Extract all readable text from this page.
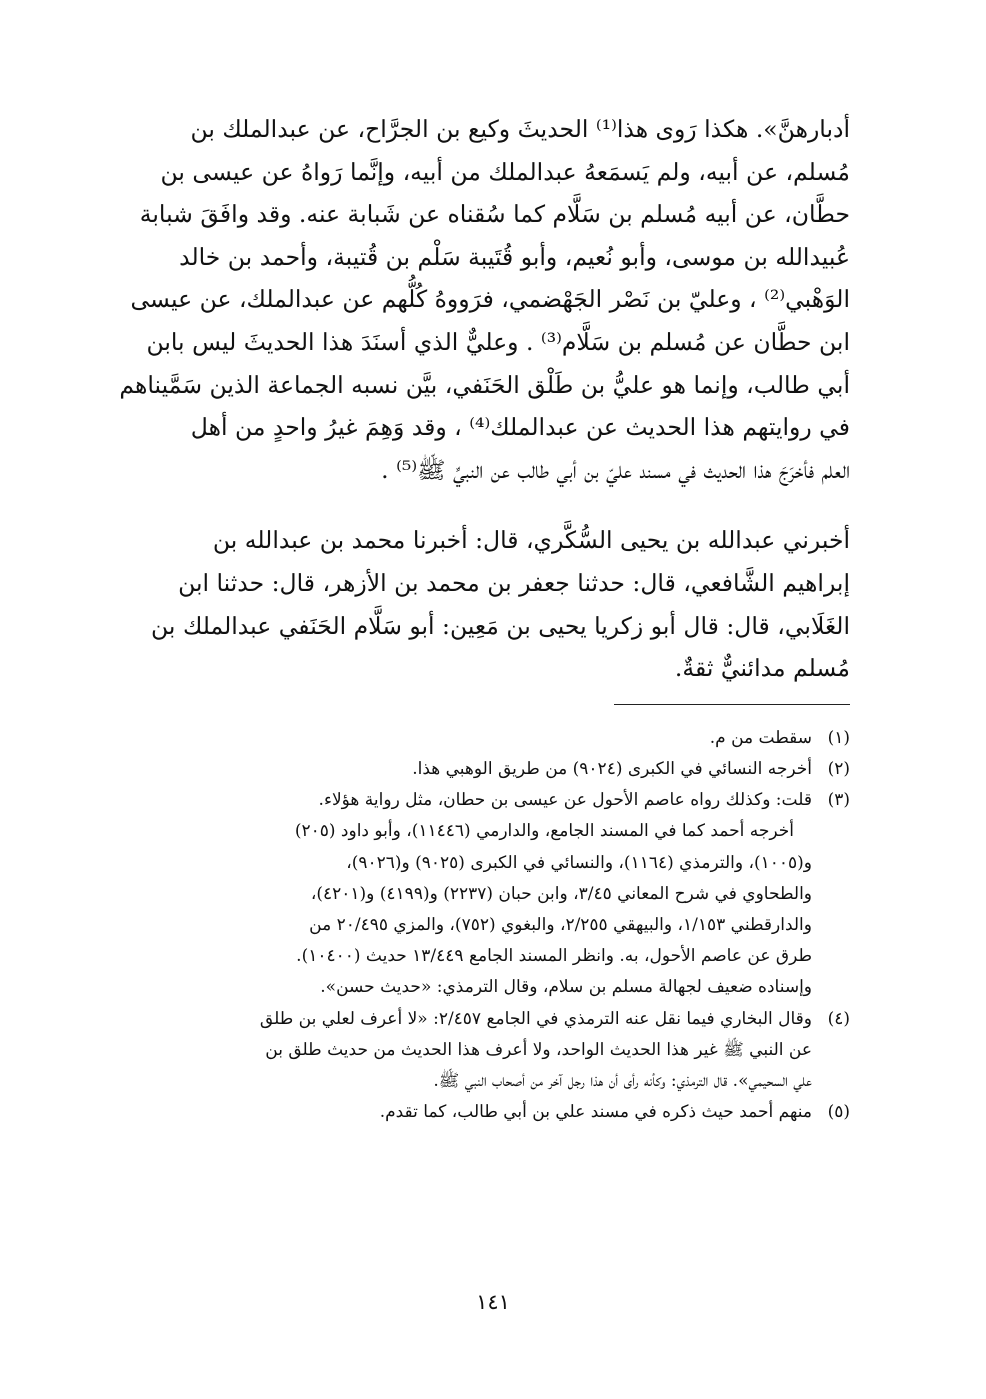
أدبارهنَّ». هكذا رَوى هذا⁽¹⁾ الحديثَ وكيع بن الجرَّاح، عن عبدالملك بن
مُسلم، عن أبيه، ولم يَسمَعهُ عبدالملك من أبيه، وإنَّما رَواهُ عن عيسى بن
حطَّان، عن أبيه مُسلم بن سَلَّام كما سُقناه عن شَبابة عنه. وقد وافَقَ شبابة
عُبيدالله بن موسى، وأبو نُعيم، وأبو قُتَيبة سَلْم بن قُتيبة، وأحمد بن خالد
الوَهْبي⁽²⁾ ، وعليّ بن نَصْر الجَهْضمي، فرَووهُ كُلُّهم عن عبدالملك، عن عيسى
ابن حطَّان عن مُسلم بن سَلَّام⁽³⁾ . وعليٌّ الذي أسنَدَ هذا الحديثَ ليس بابن
أبي طالب، وإنما هو عليُّ بن طَلْق الحَنَفي، بيَّن نسبه الجماعة الذين سَمَّيناهم
في روايتهم هذا الحديث عن عبدالملك⁽⁴⁾ ، وقد وَهِمَ غيرُ واحدٍ من أهل
العلم فأخرَجَ هذا الحديث في مسند عليّ بن أبي طالب عن النبيِّ ﷺ⁽⁵⁾ .

أخبرني عبدالله بن يحيى السُّكَّري، قال: أخبرنا محمد بن عبدالله بن
إبراهيم الشَّافعي، قال: حدثنا جعفر بن محمد بن الأزهر، قال: حدثنا ابن
الغَلَابي، قال: قال أبو زكريا يحيى بن مَعِين: أبو سَلَّام الحَنَفي عبدالملك بن
مُسلم مدائنيٌّ ثقةٌ.

(١)
سقطت من م.
(٢)
أخرجه النسائي في الكبرى (٩٠٢٤) من طريق الوهبي هذا.
(٣)
قلت: وكذلك رواه عاصم الأحول عن عيسى بن حطان، مثل رواية هؤلاء.
أخرجه أحمد كما في المسند الجامع، والدارمي (١١٤٤٦)، وأبو داود (٢٠٥)
و(١٠٠٥)، والترمذي (١١٦٤)، والنسائي في الكبرى (٩٠٢٥) و(٩٠٢٦)،
والطحاوي في شرح المعاني ٣/٤٥، وابن حبان (٢٢٣٧) و(٤١٩٩) و(٤٢٠١)،
والدارقطني ١/١٥٣، والبيهقي ٢/٢٥٥، والبغوي (٧٥٢)، والمزي ٢٠/٤٩٥ من
طرق عن عاصم الأحول، به. وانظر المسند الجامع ١٣/٤٤٩ حديث (١٠٤٠٠).
وإسناده ضعيف لجهالة مسلم بن سلام، وقال الترمذي: «حديث حسن».
(٤)
وقال البخاري فيما نقل عنه الترمذي في الجامع ٢/٤٥٧: «لا أعرف لعلي بن طلق
عن النبي ﷺ غير هذا الحديث الواحد، ولا أعرف هذا الحديث من حديث طلق بن
علي السحيمي». قال الترمذي: وكأنه رأى أن هذا رجل آخر من أصحاب النبي ﷺ.
(٥)
منهم أحمد حيث ذكره في مسند علي بن أبي طالب، كما تقدم.
١٤١
